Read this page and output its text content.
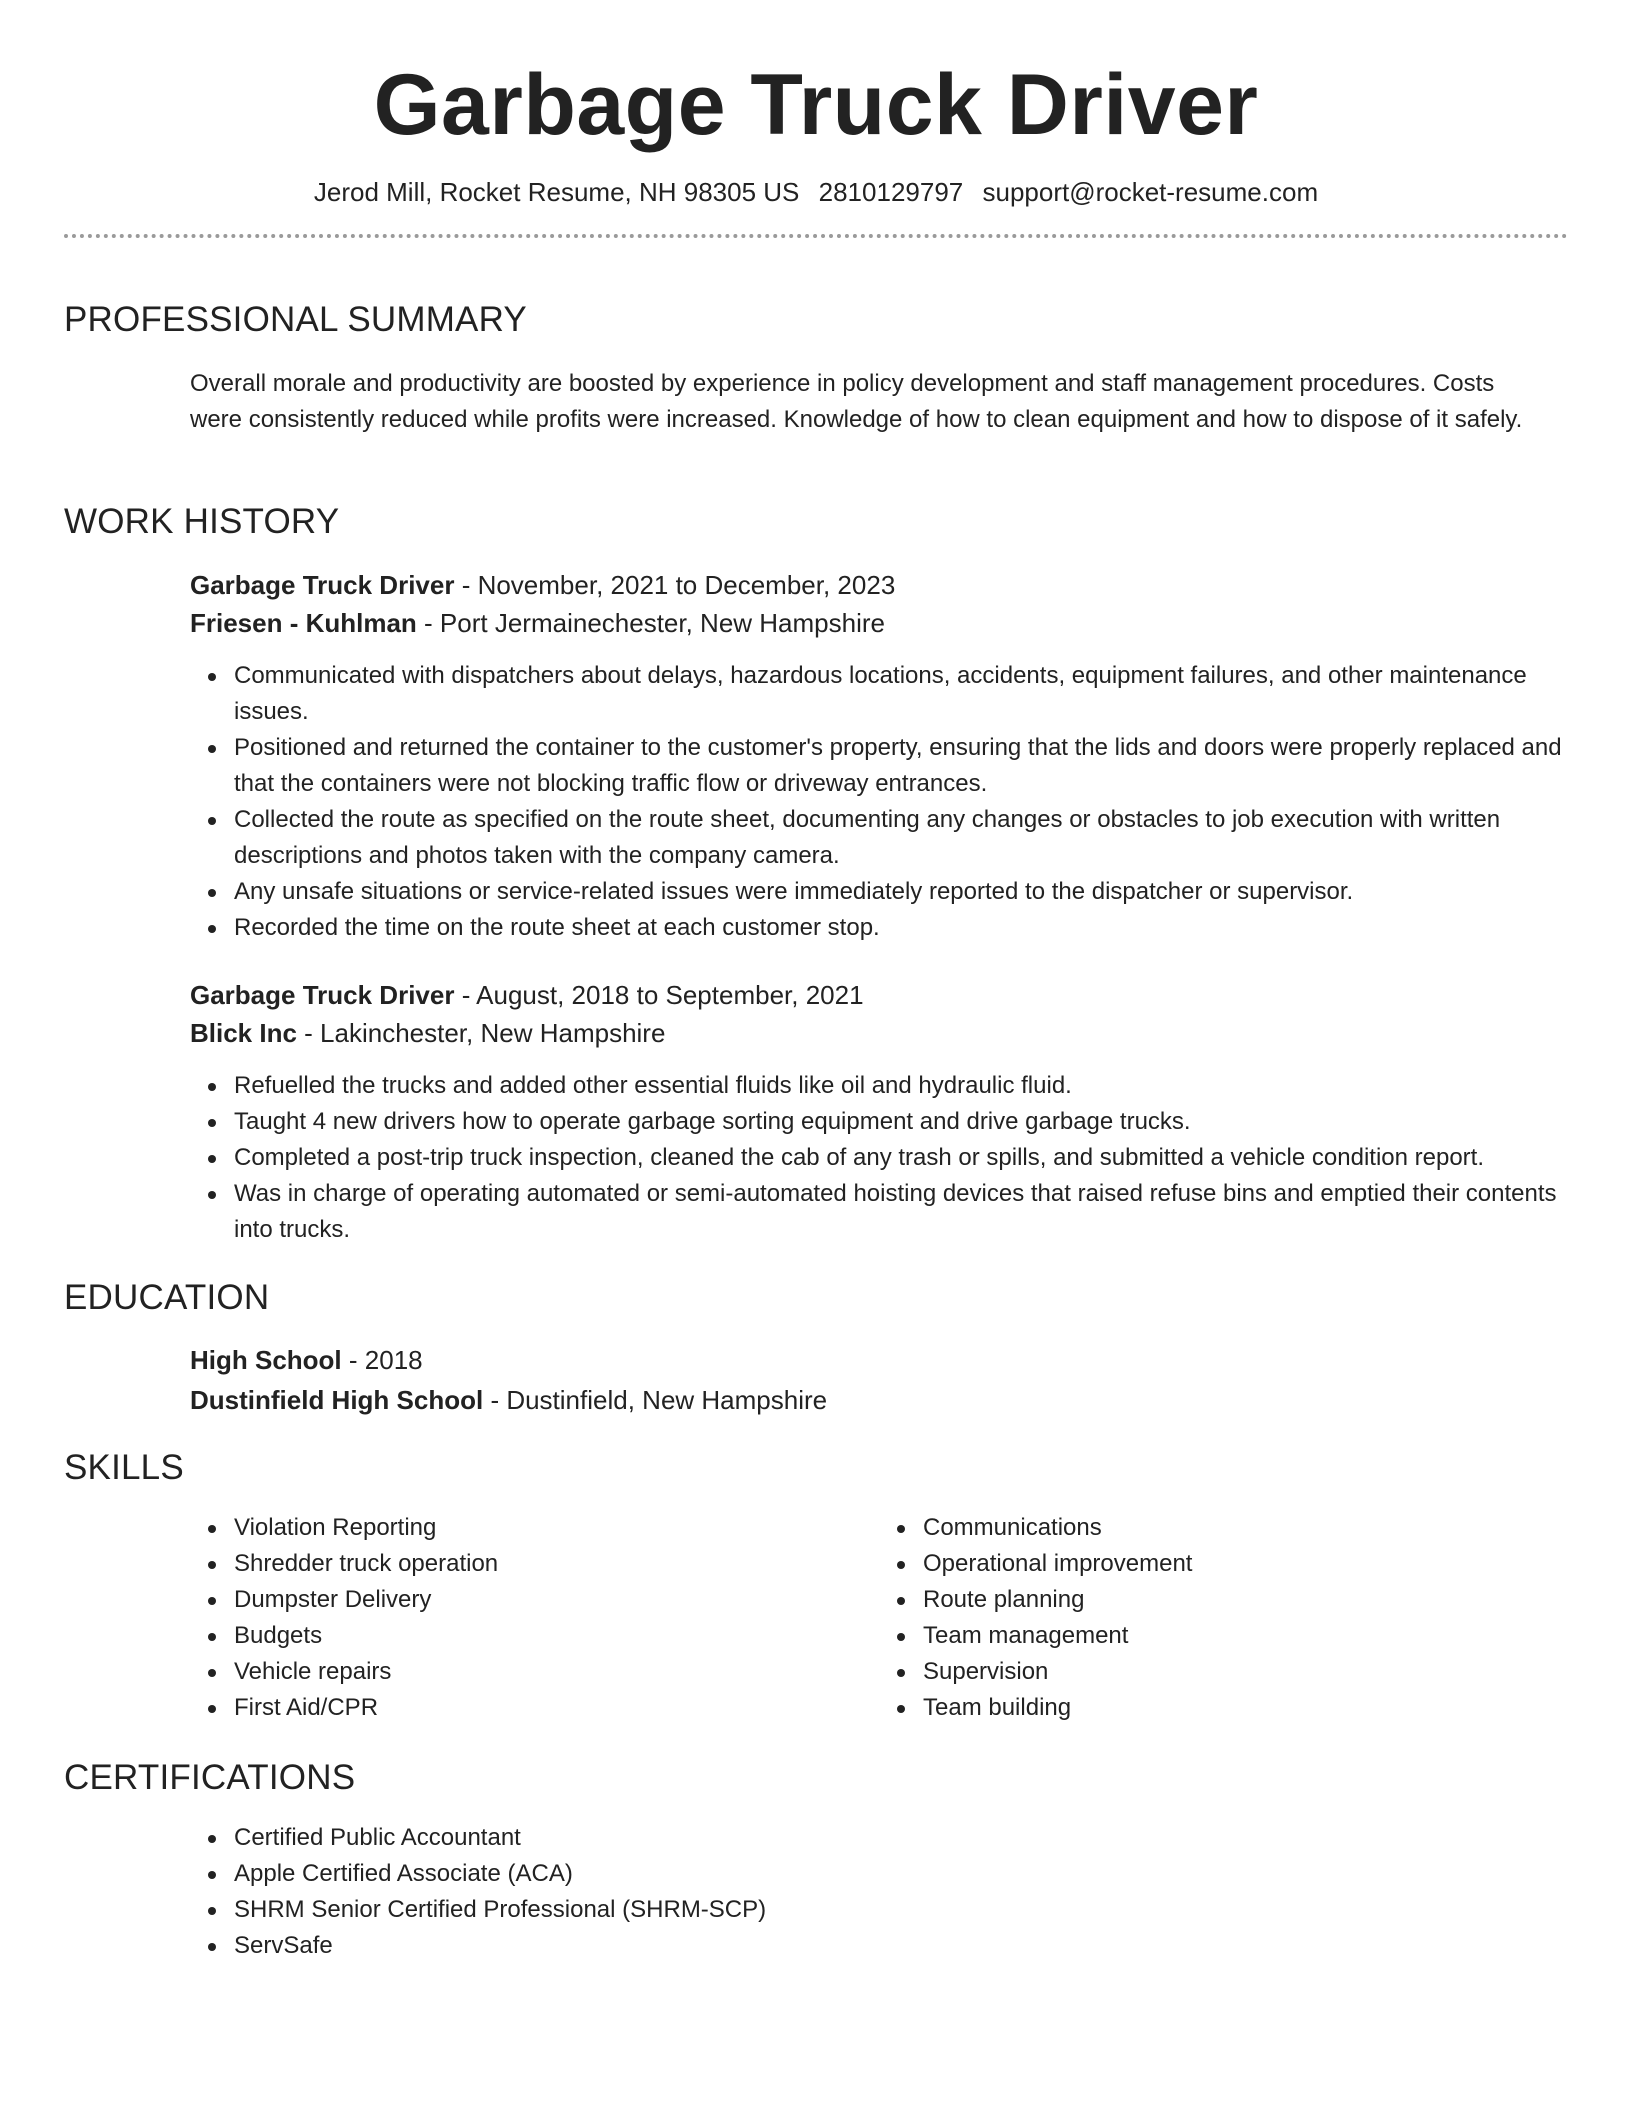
Garbage Truck Driver
Jerod Mill, Rocket Resume, NH 98305 US 2810129797 support@rocket-resume.com
PROFESSIONAL SUMMARY
Overall morale and productivity are boosted by experience in policy development and staff management procedures. Costs were consistently reduced while profits were increased. Knowledge of how to clean equipment and how to dispose of it safely.
WORK HISTORY
Garbage Truck Driver - November, 2021 to December, 2023
Friesen - Kuhlman - Port Jermainechester, New Hampshire
Communicated with dispatchers about delays, hazardous locations, accidents, equipment failures, and other maintenance issues.
Positioned and returned the container to the customer's property, ensuring that the lids and doors were properly replaced and that the containers were not blocking traffic flow or driveway entrances.
Collected the route as specified on the route sheet, documenting any changes or obstacles to job execution with written descriptions and photos taken with the company camera.
Any unsafe situations or service-related issues were immediately reported to the dispatcher or supervisor.
Recorded the time on the route sheet at each customer stop.
Garbage Truck Driver - August, 2018 to September, 2021
Blick Inc - Lakinchester, New Hampshire
Refuelled the trucks and added other essential fluids like oil and hydraulic fluid.
Taught 4 new drivers how to operate garbage sorting equipment and drive garbage trucks.
Completed a post-trip truck inspection, cleaned the cab of any trash or spills, and submitted a vehicle condition report.
Was in charge of operating automated or semi-automated hoisting devices that raised refuse bins and emptied their contents into trucks.
EDUCATION
High School - 2018
Dustinfield High School - Dustinfield, New Hampshire
SKILLS
Violation Reporting
Shredder truck operation
Dumpster Delivery
Budgets
Vehicle repairs
First Aid/CPR
Communications
Operational improvement
Route planning
Team management
Supervision
Team building
CERTIFICATIONS
Certified Public Accountant
Apple Certified Associate (ACA)
SHRM Senior Certified Professional (SHRM-SCP)
ServSafe
